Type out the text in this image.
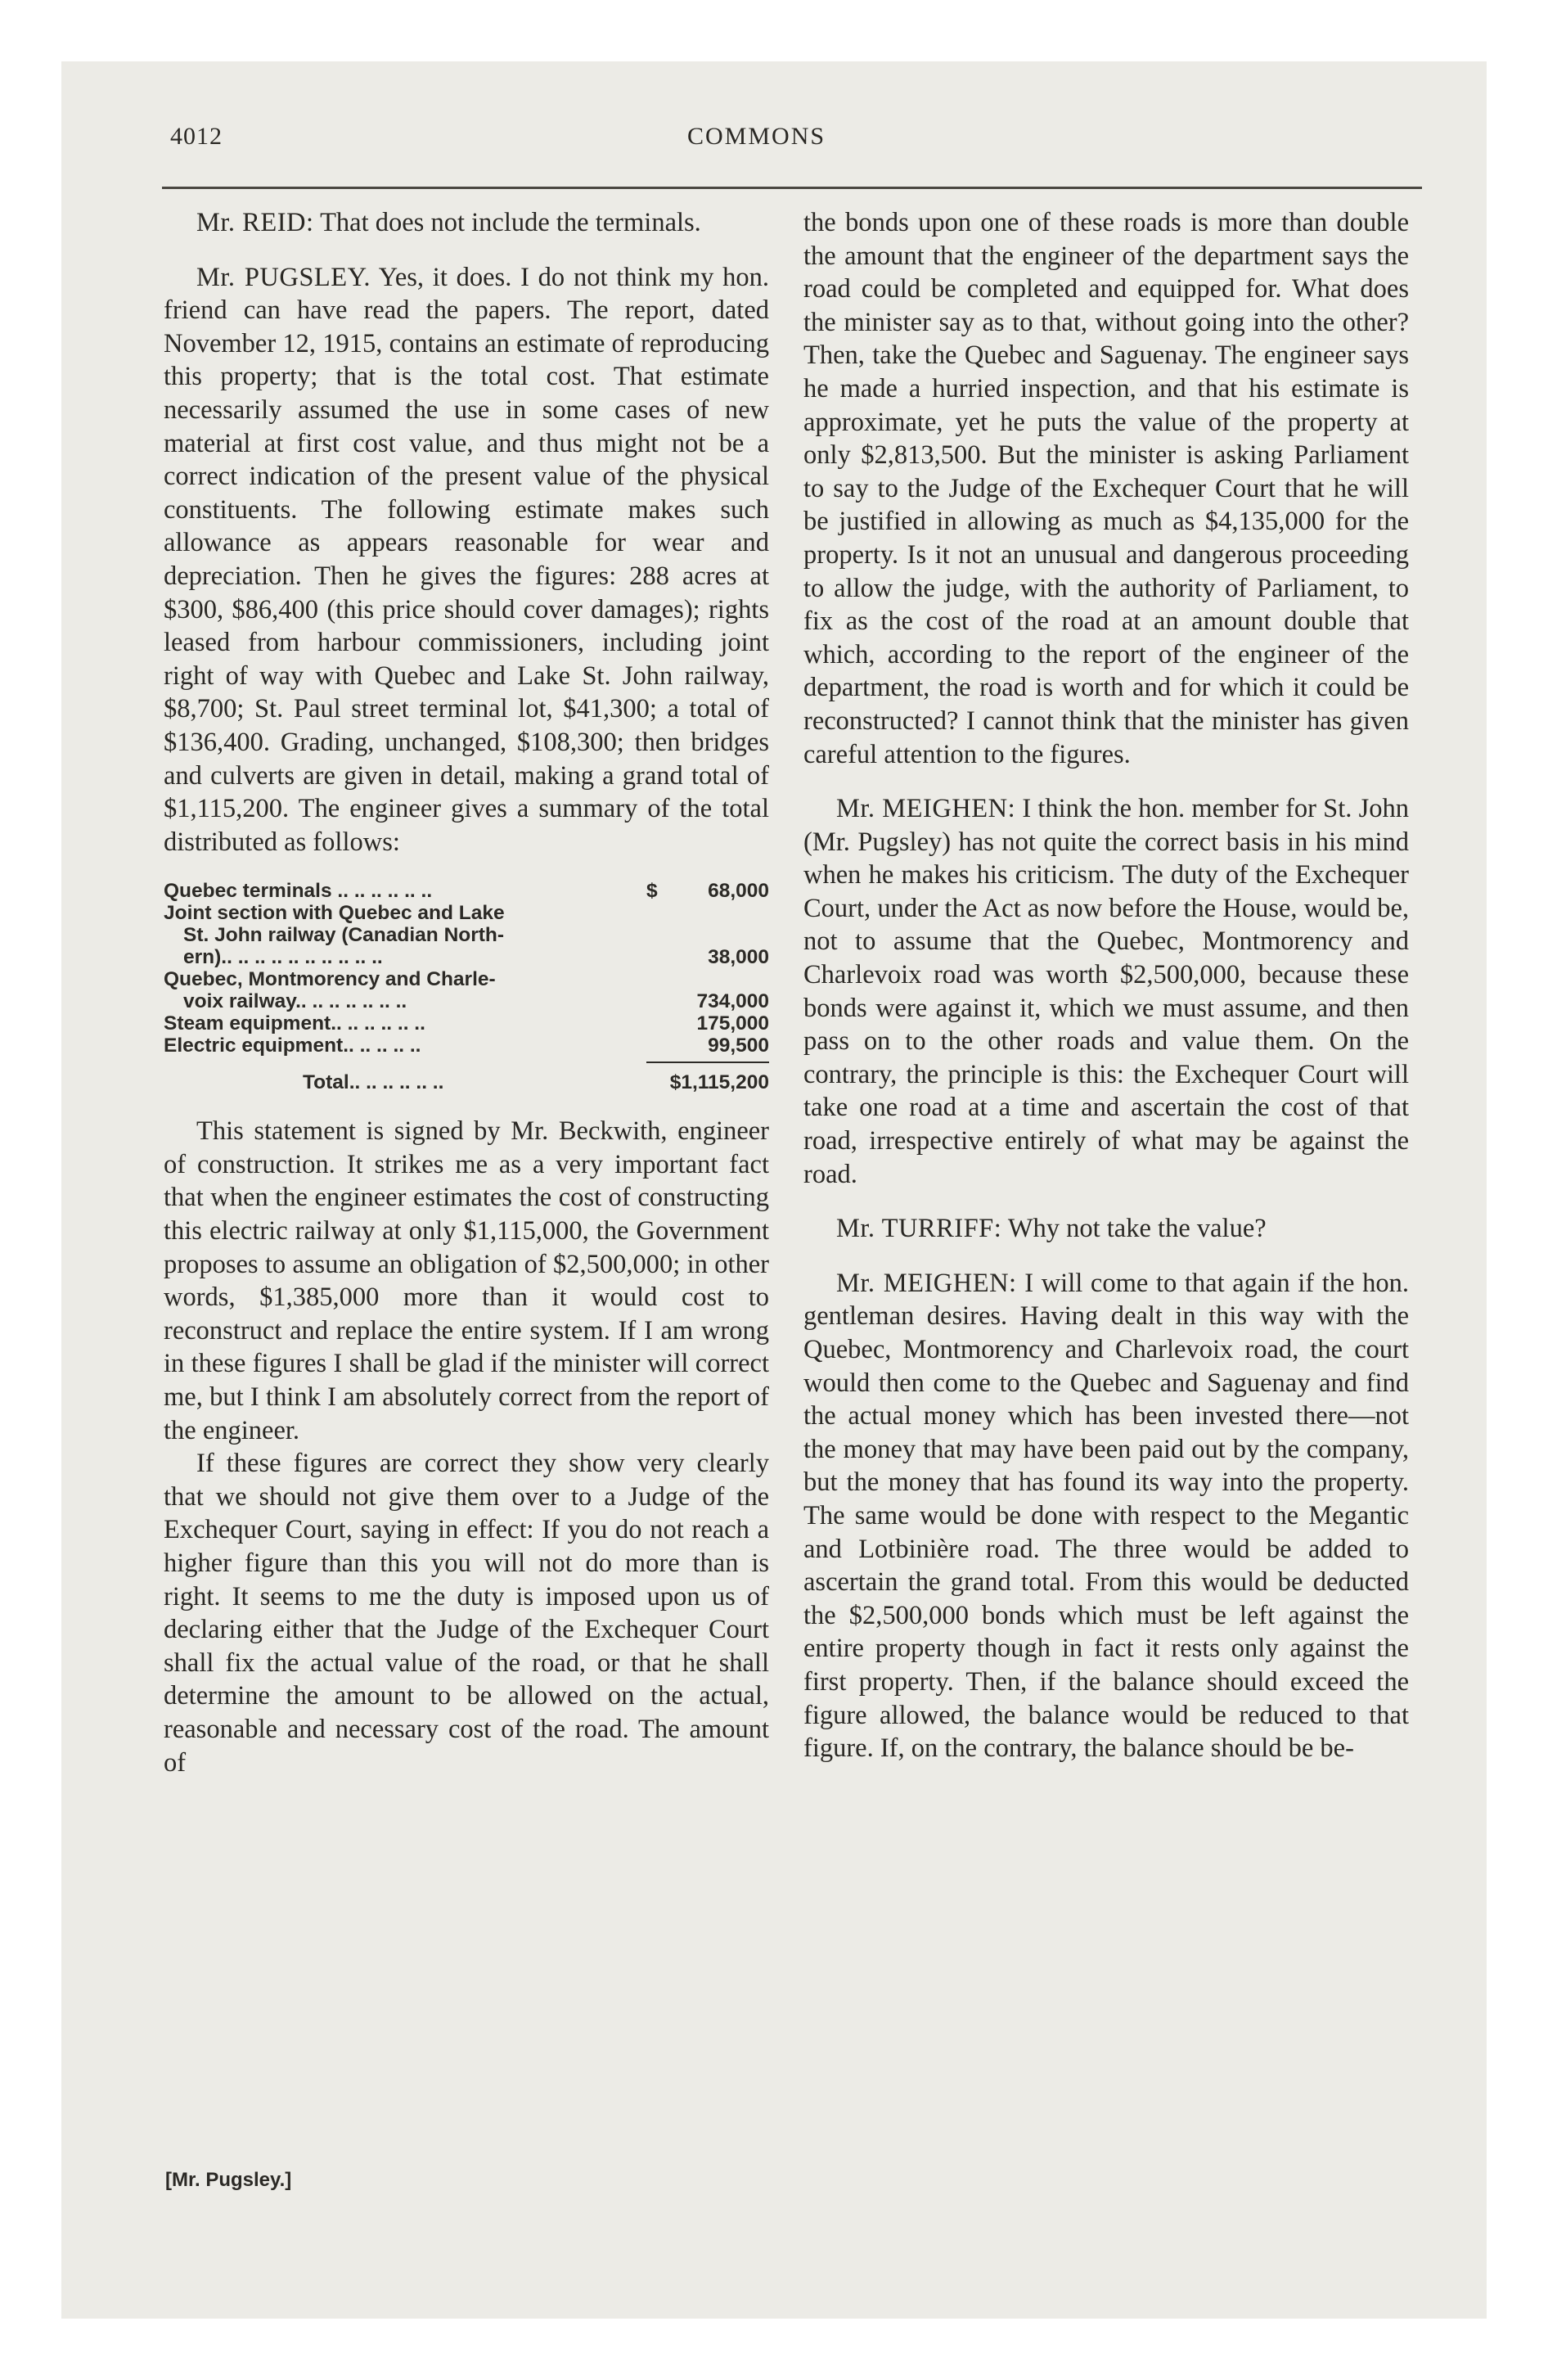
4012	COMMONS

Mr. REID: That does not include the terminals.

Mr. PUGSLEY. Yes, it does. I do not think my hon. friend can have read the papers. The report, dated November 12, 1915, contains an estimate of reproducing this property; that is the total cost. That estimate necessarily assumed the use in some cases of new material at first cost value, and thus might not be a correct indication of the present value of the physical constituents. The following estimate makes such allowance as appears reasonable for wear and depreciation. Then he gives the figures: 288 acres at $300, $86,400 (this price should cover damages); rights leased from harbour commissioners, including joint right of way with Quebec and Lake St. John railway, $8,700; St. Paul street terminal lot, $41,300; a total of $136,400. Grading, unchanged, $108,300; then bridges and culverts are given in detail, making a grand total of $1,115,200. The engineer gives a summary of the total distributed as follows:

Quebec terminals .. .. .. .. .. ..	$	68,000
Joint section with Quebec and Lake
St. John railway (Canadian North-
ern).. .. .. .. .. .. .. .. .. ..	38,000
Quebec, Montmorency and Charle-
voix railway.. .. .. .. .. .. ..	734,000
Steam equipment.. .. .. .. .. ..	175,000
Electric equipment.. .. .. .. ..	99,500
Total.. .. .. .. .. ..	$1,115,200

This statement is signed by Mr. Beckwith, engineer of construction. It strikes me as a very important fact that when the engineer estimates the cost of constructing this electric railway at only $1,115,000, the Government proposes to assume an obligation of $2,500,000; in other words, $1,385,000 more than it would cost to reconstruct and replace the entire system. If I am wrong in these figures I shall be glad if the minister will correct me, but I think I am absolutely correct from the report of the engineer.

If these figures are correct they show very clearly that we should not give them over to a Judge of the Exchequer Court, saying in effect: If you do not reach a higher figure than this you will not do more than is right. It seems to me the duty is imposed upon us of declaring either that the Judge of the Exchequer Court shall fix the actual value of the road, or that he shall determine the amount to be allowed on the actual, reasonable and necessary cost of the road. The amount of

the bonds upon one of these roads is more than double the amount that the engineer of the department says the road could be completed and equipped for. What does the minister say as to that, without going into the other? Then, take the Quebec and Saguenay. The engineer says he made a hurried inspection, and that his estimate is approximate, yet he puts the value of the property at only $2,813,500. But the minister is asking Parliament to say to the Judge of the Exchequer Court that he will be justified in allowing as much as $4,135,000 for the property. Is it not an unusual and dangerous proceeding to allow the judge, with the authority of Parliament, to fix as the cost of the road at an amount double that which, according to the report of the engineer of the department, the road is worth and for which it could be reconstructed? I cannot think that the minister has given careful attention to the figures.

Mr. MEIGHEN: I think the hon. member for St. John (Mr. Pugsley) has not quite the correct basis in his mind when he makes his criticism. The duty of the Exchequer Court, under the Act as now before the House, would be, not to assume that the Quebec, Montmorency and Charlevoix road was worth $2,500,000, because these bonds were against it, which we must assume, and then pass on to the other roads and value them. On the contrary, the principle is this: the Exchequer Court will take one road at a time and ascertain the cost of that road, irrespective entirely of what may be against the road.

Mr. TURRIFF: Why not take the value?

Mr. MEIGHEN: I will come to that again if the hon. gentleman desires. Having dealt in this way with the Quebec, Montmorency and Charlevoix road, the court would then come to the Quebec and Saguenay and find the actual money which has been invested there—not the money that may have been paid out by the company, but the money that has found its way into the property. The same would be done with respect to the Megantic and Lotbinière road. The three would be added to ascertain the grand total. From this would be deducted the $2,500,000 bonds which must be left against the entire property though in fact it rests only against the first property. Then, if the balance should exceed the figure allowed, the balance would be reduced to that figure. If, on the contrary, the balance should be be-

[Mr. Pugsley.]
